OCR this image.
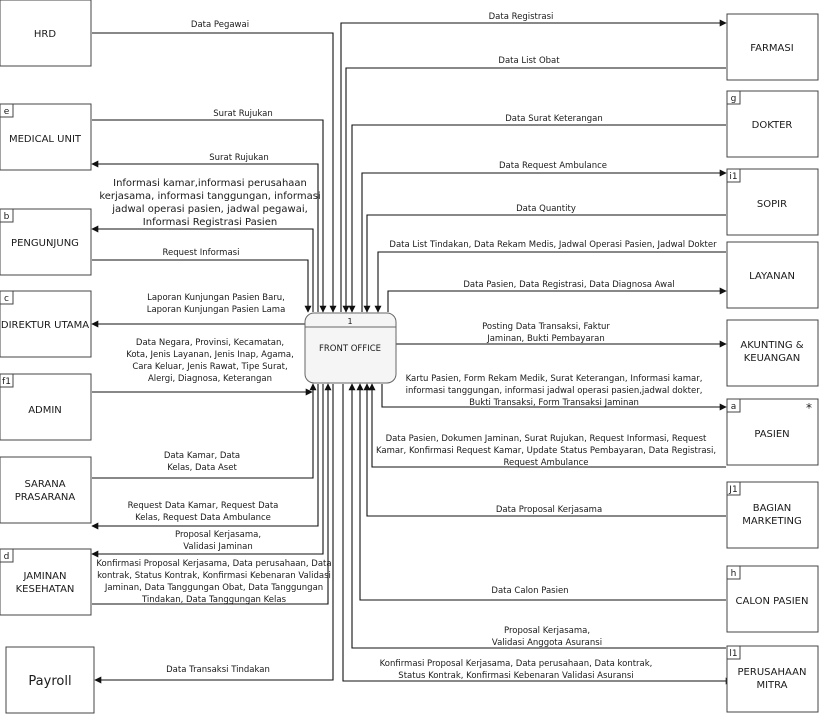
1
FRONT OFFICE
HRD
e
MEDICAL UNIT
b
PENGUNJUNG
c
DIREKTUR UTAMA
f1
ADMIN
SARANA
PRASARANA
d
JAMINAN
KESEHATAN
Payroll
FARMASI
g
DOKTER
i1
SOPIR
LAYANAN
AKUNTING &
KEUANGAN
a	*
PASIEN
J1
BAGIAN
MARKETING
h
CALON PASIEN
l1
PERUSAHAAN
MITRA
Data Pegawai
Surat Rujukan
Surat Rujukan
Informasi kamar,informasi perusahaan
kerjasama, informasi tanggungan, informasi
jadwal operasi pasien, jadwal pegawai,
Informasi Registrasi Pasien
Request Informasi
Laporan Kunjungan Pasien Baru,
Laporan Kunjungan Pasien Lama
Data Negara, Provinsi, Kecamatan,
Kota, Jenis Layanan, Jenis Inap, Agama,
Cara Keluar, Jenis Rawat, Tipe Surat,
Alergi, Diagnosa, Keterangan
Data Kamar, Data
Kelas, Data Aset
Request Data Kamar, Request Data
Kelas, Request Data Ambulance
Proposal Kerjasama,
Validasi Jaminan
Konfirmasi Proposal Kerjasama, Data perusahaan, Data
kontrak, Status Kontrak, Konfirmasi Kebenaran Validasi
Jaminan, Data Tanggungan Obat, Data Tanggungan
Tindakan, Data Tanggungan Kelas
Data Transaksi Tindakan
Data Registrasi
Data List Obat
Data Surat Keterangan
Data Request Ambulance
Data Quantity
Data List Tindakan, Data Rekam Medis, Jadwal Operasi Pasien, Jadwal Dokter
Data Pasien, Data Registrasi, Data Diagnosa Awal
Posting Data Transaksi, Faktur
Jaminan, Bukti Pembayaran
Kartu Pasien, Form Rekam Medik, Surat Keterangan, Informasi kamar,
informasi tanggungan, informasi jadwal operasi pasien,jadwal dokter,
Bukti Transaksi, Form Transaksi Jaminan
Data Pasien, Dokumen Jaminan, Surat Rujukan, Request Informasi, Request
Kamar, Konfirmasi Request Kamar, Update Status Pembayaran, Data Registrasi,
Request Ambulance
Data Proposal Kerjasama
Data Calon Pasien
Proposal Kerjasama,
Validasi Anggota Asuransi
Konfirmasi Proposal Kerjasama, Data perusahaan, Data kontrak,
Status Kontrak, Konfirmasi Kebenaran Validasi Asuransi
